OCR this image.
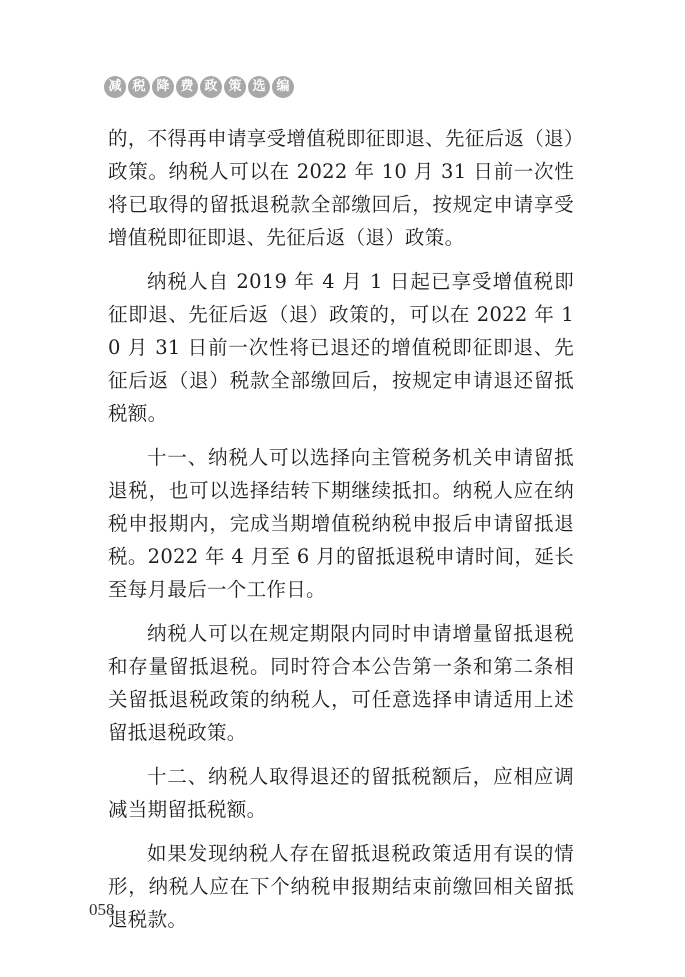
减 税 降 费 政 策 选 编

的，不得再申请享受增值税即征即退、先征后返（退）政策。纳税人可以在 2022 年 10 月 31 日前一次性将已取得的留抵退税款全部缴回后，按规定申请享受增值税即征即退、先征后返（退）政策。

纳税人自 2019 年 4 月 1 日起已享受增值税即征即退、先征后返（退）政策的，可以在 2022 年 10 月 31 日前一次性将已退还的增值税即征即退、先征后返（退）税款全部缴回后，按规定申请退还留抵税额。

十一、纳税人可以选择向主管税务机关申请留抵退税，也可以选择结转下期继续抵扣。纳税人应在纳税申报期内，完成当期增值税纳税申报后申请留抵退税。2022 年 4 月至 6 月的留抵退税申请时间，延长至每月最后一个工作日。

纳税人可以在规定期限内同时申请增量留抵退税和存量留抵退税。同时符合本公告第一条和第二条相关留抵退税政策的纳税人，可任意选择申请适用上述留抵退税政策。

十二、纳税人取得退还的留抵税额后，应相应调减当期留抵税额。

如果发现纳税人存在留抵退税政策适用有误的情形，纳税人应在下个纳税申报期结束前缴回相关留抵退税款。

058
